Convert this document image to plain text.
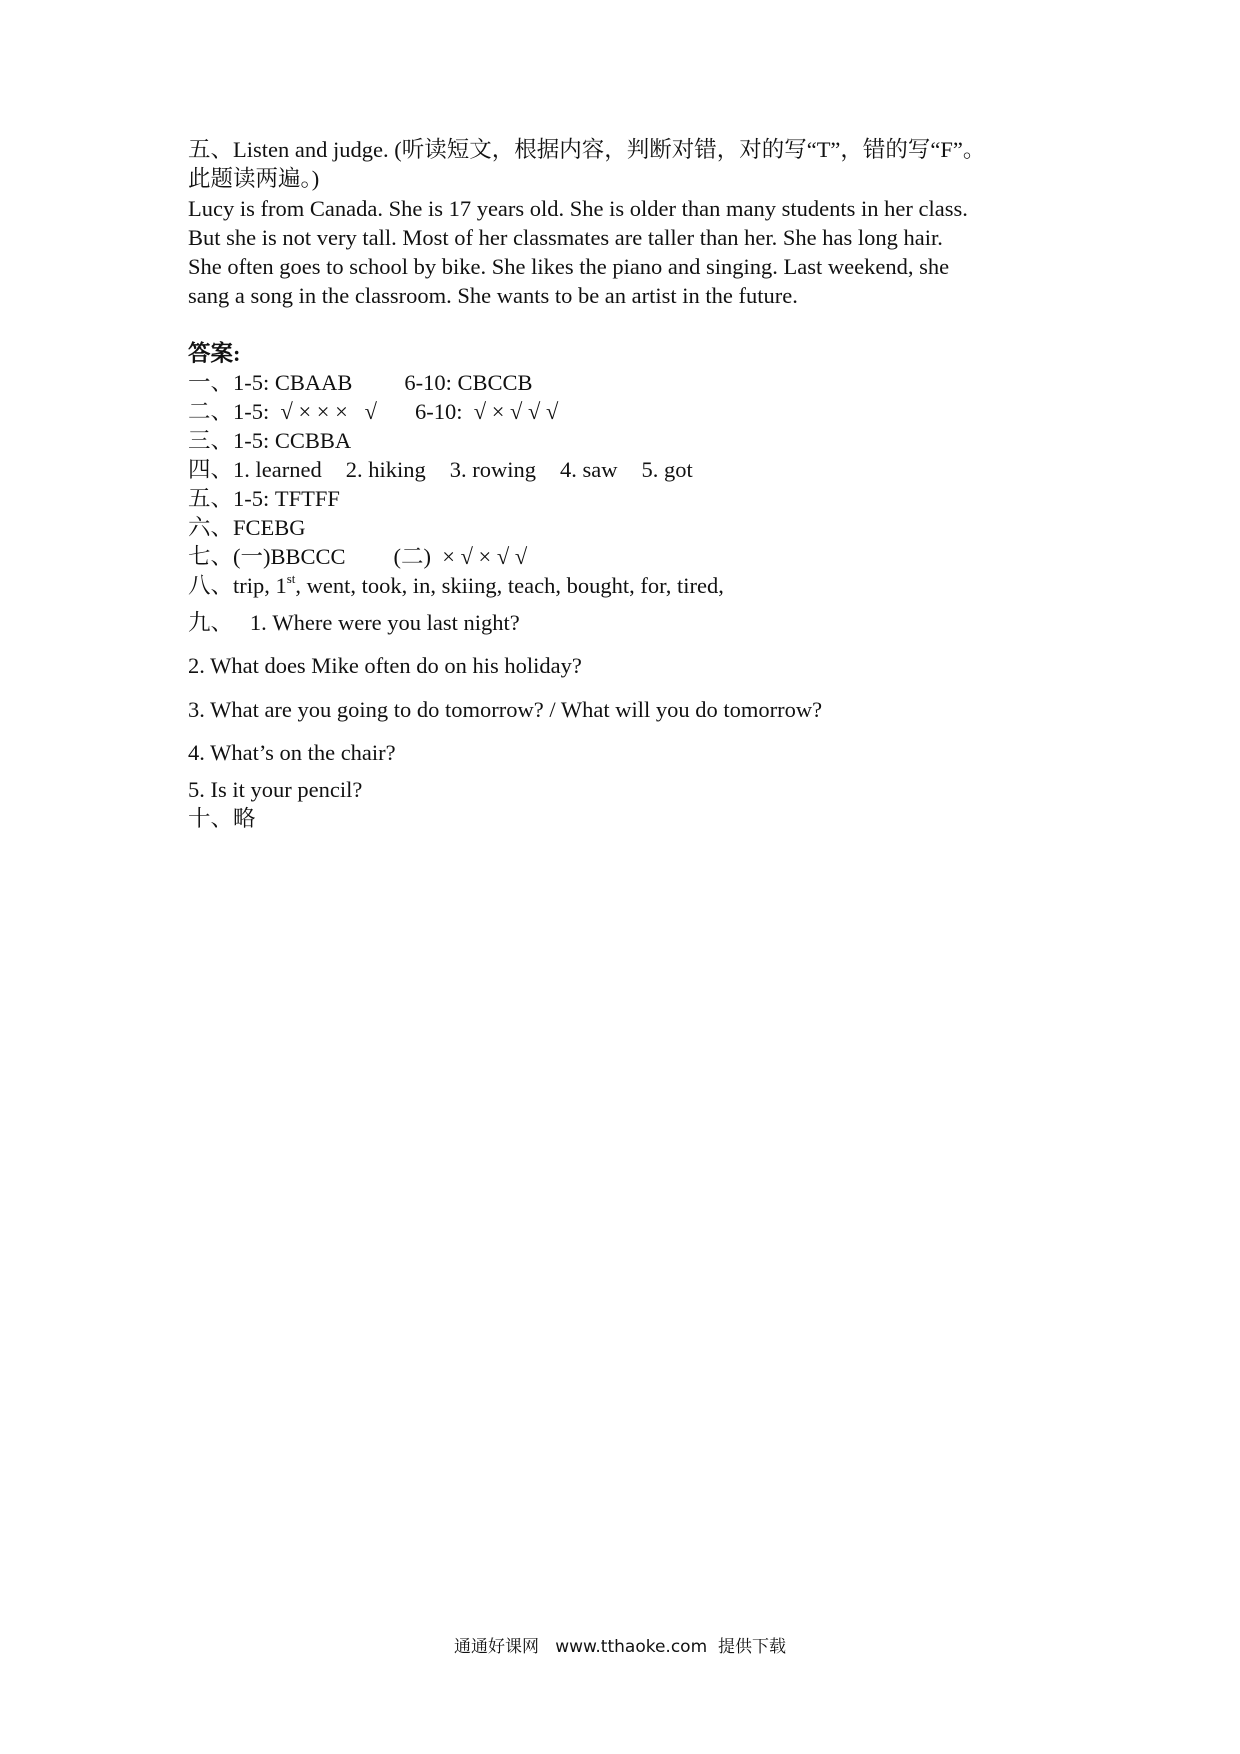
五、Listen and judge. (听读短文，根据内容，判断对错，对的写“T”，错的写“F”。
此题读两遍。)
Lucy is from Canada. She is 17 years old. She is older than many students in her class.
But she is not very tall. Most of her classmates are taller than her. She has long hair.
She often goes to school by bike. She likes the piano and singing. Last weekend, she
sang a song in the classroom. She wants to be an artist in the future.
答案:
一、1-5: CBAAB 6-10: CBCCB
二、1-5:  √ × × ×   √ 6-10:  √ × √ √ √
三、1-5: CCBBA
四、1. learned 2. hiking 3. rowing 4. saw 5. got
五、1-5: TFTFF
六、FCEBG
七、(一)BBCCC (二)  × √ × √ √
八、trip, 1st, went, took, in, skiing, teach, bought, for, tired,
九、   1. Where were you last night?
2. What does Mike often do on his holiday?
3. What are you going to do tomorrow? / What will you do tomorrow?
4. What’s on the chair?
5. Is it your pencil?
十、略
通通好课网   www.tthaoke.com  提供下载
